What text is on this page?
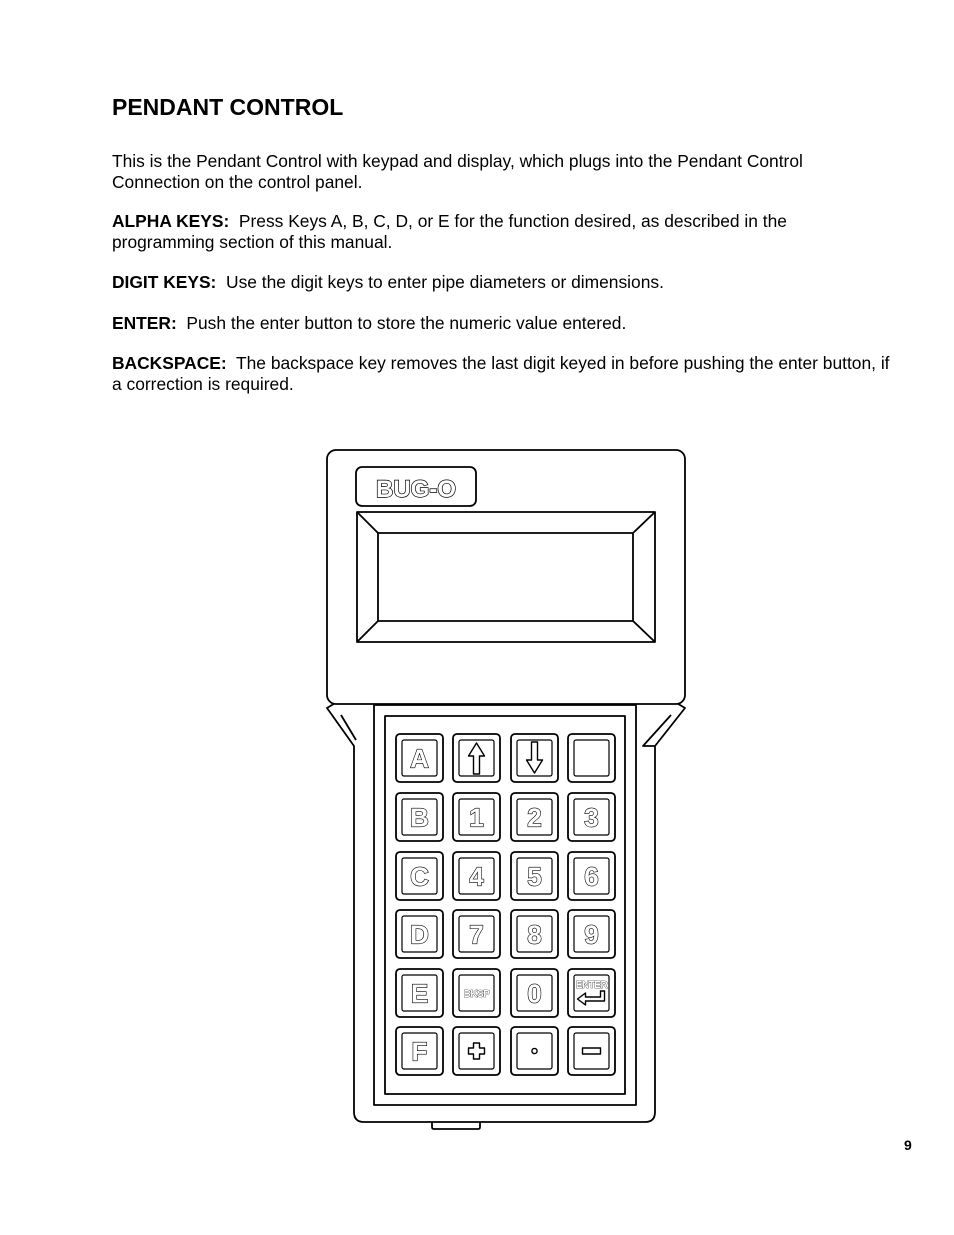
PENDANT CONTROL

This is the Pendant Control with keypad and display, which plugs into the Pendant Control Connection on the control panel.

ALPHA KEYS: Press Keys A, B, C, D, or E for the function desired, as described in the programming section of this manual.

DIGIT KEYS: Use the digit keys to enter pipe diameters or dimensions.

ENTER: Push the enter button to store the numeric value entered.

BACKSPACE: The backspace key removes the last digit keyed in before pushing the enter button, if a correction is required.

BUG-O
A
B 1 2 3
C 4 5 6
D 7 8 9
E	BKSP 0	ENTER
F

9
